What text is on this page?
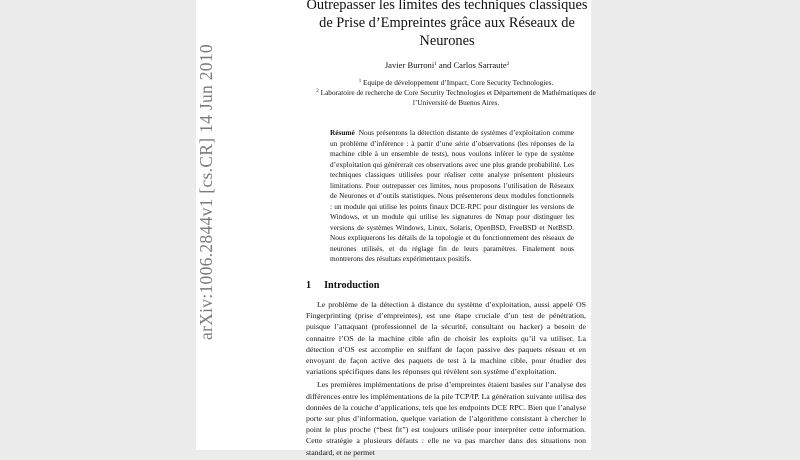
Outrepasser les limites des techniques classiques
de Prise d’Empreintes grâce aux Réseaux de
Neurones
Javier Burroni$^1$ and Carlos Sarraute$^2$
$^1$ Equipe de développement d’Impact, Core Security Technologies.
$^2$ Laboratoire de recherche de Core Security Technologies et Département de Mathématiques de l’Université de Buenos Aires.
Résumé Nous présentons la détection distante de systèmes d’exploitation comme un problème d’inférence : à partir d’une série d’observations (les réponses de la machine cible à un ensemble de tests), nous voulons inférer le type de système d’exploitation qui générerait ces observations avec une plus grande probabilité. Les techniques classiques utilisées pour réaliser cette analyse présentent plusieurs limitations. Pour outrepasser ces limites, nous proposons l’utilisation de Réseaux de Neurones et d’outils statistiques. Nous présenterons deux modules fonctionnels : un module qui utilise les points finaux DCE-RPC pour distinguer les versions de Windows, et un module qui utilise les signatures de Nmap pour distinguer les versions de systèmes Windows, Linux, Solaris, OpenBSD, FreeBSD et NetBSD. Nous expliquerons les détails de la topologie et du fonctionnement des réseaux de neurones utilisés, et du réglage fin de leurs paramètres. Finalement nous montrerons des résultats expérimentaux positifs.
1 Introduction

Le problème de la détection à distance du système d’exploitation, aussi appelé OS Fingerprinting (prise d’empreintes), est une étape cruciale d’un test de pénétration, puisque l’attaquant (professionnel de la sécurité, consultant ou hacker) a besoin de connaitre l’OS de la machine cible afin de choisir les exploits qu’il va utiliser. La détection d’OS est accomplie en sniffant de façon passive des paquets réseau et en envoyant de façon active des paquets de test à la machine cible, pour étudier des variations spécifiques dans les réponses qui révèlent son système d’exploitation.

Les premières implémentations de prise d’empreintes étaient basées sur l’analyse des différences entre les implémentations de la pile TCP/IP. La génération suivante utilisa des données de la couche d’applications, tels que les endpoints DCE RPC. Bien que l’analyse porte sur plus d’information, quelque variation de l’algorithme consistant à chercher le point le plus proche (“best fit”) est toujours utilisée pour interpréter cette information. Cette stratégie a plusieurs défauts : elle ne va pas marcher dans des situations non standard, et ne permet

arXiv:1006.2844v1 [cs.CR] 14 Jun 2010
